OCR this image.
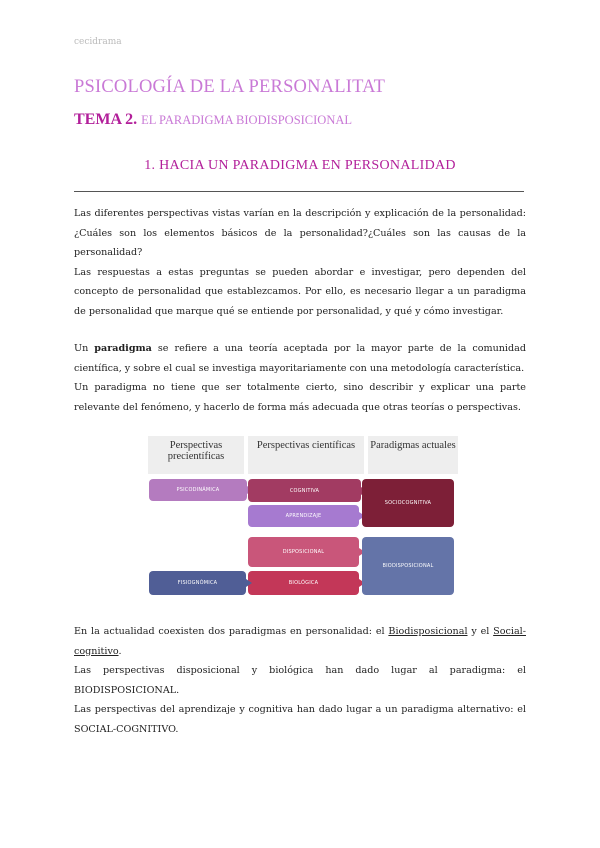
cecidrama
PSICOLOGÍA DE LA PERSONALITAT
TEMA 2. EL PARADIGMA BIODISPOSICIONAL
1. HACIA UN PARADIGMA EN PERSONALIDAD

Las diferentes perspectivas vistas varían en la descripción y explicación de la personalidad: ¿Cuáles son los elementos básicos de la personalidad?¿Cuáles son las causas de la personalidad?

Las respuestas a estas preguntas se pueden abordar e investigar, pero dependen del concepto de personalidad que establezcamos. Por ello, es necesario llegar a un paradigma de personalidad que marque qué se entiende por personalidad, y qué y cómo investigar.

Un paradigma se refiere a una teoría aceptada por la mayor parte de la comunidad científica, y sobre el cual se investiga mayoritariamente con una metodología característica.

Un paradigma no tiene que ser totalmente cierto, sino describir y explicar una parte relevante del fenómeno, y hacerlo de forma más adecuada que otras teorías o perspectivas.

Perspectivas precientíficas
Perspectivas científicas	Paradigmas actuales
PSICODINÁMICA	COGNITIVA
APRENDIZAJE
SOCIOCOGNITIVA
DISPOSICIONAL
BIOLÓGICA
FISIOGNÓMICA
BIODISPOSICIONAL

En la actualidad coexisten dos paradigmas en personalidad: el Biodisposicional y el Social-cognitivo.

Las perspectivas disposicional y biológica han dado lugar al paradigma: el BIODISPOSICIONAL.

Las perspectivas del aprendizaje y cognitiva han dado lugar a un paradigma alternativo: el SOCIAL-COGNITIVO.
